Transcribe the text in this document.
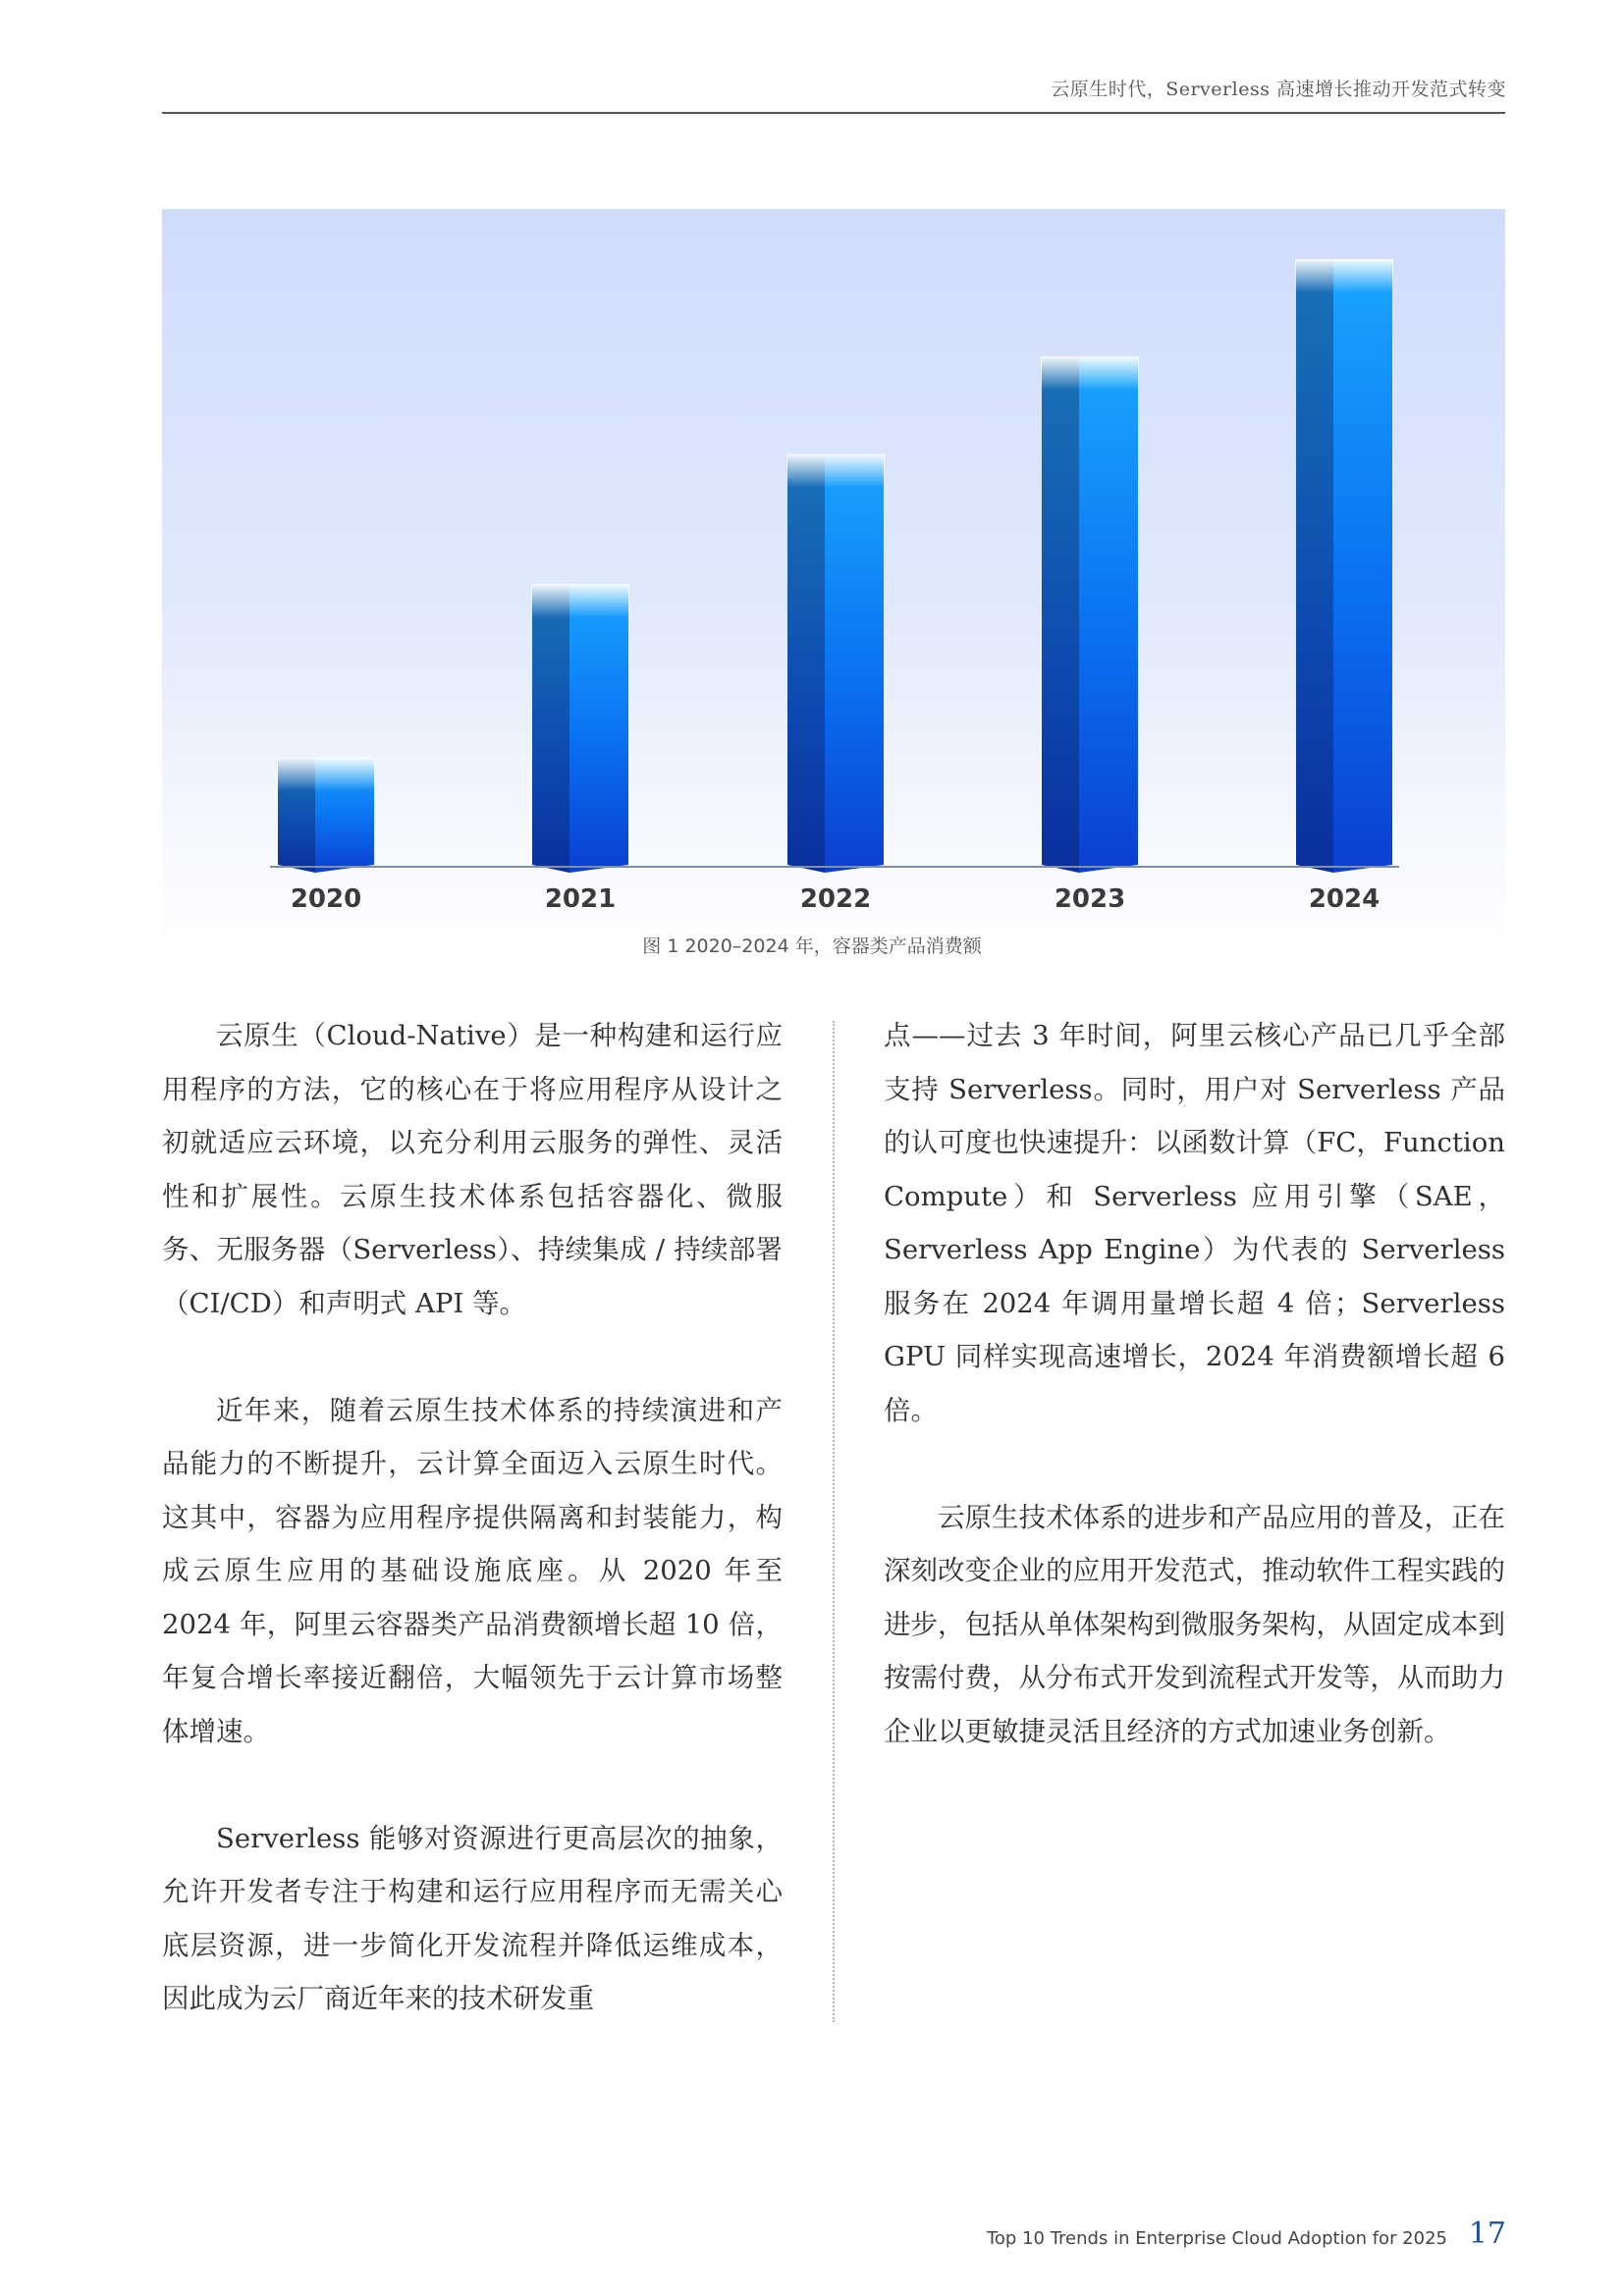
云原生时代，Serverless 高速增长推动开发范式转变
2020	2021	2022	2023	2024
图 1 2020–2024 年，容器类产品消费额

云原生（Cloud-Native）是一种构建和运行应用程序的方法，它的核心在于将应用程序从设计之初就适应云环境，以充分利用云服务的弹性、灵活性和扩展性。云原生技术体系包括容器化、微服务、无服务器（Serverless）、持续集成 / 持续部署（CI/CD）和声明式 API 等。

近年来，随着云原生技术体系的持续演进和产品能力的不断提升，云计算全面迈入云原生时代。这其中，容器为应用程序提供隔离和封装能力，构成云原生应用的基础设施底座。从 2020 年至 2024 年，阿里云容器类产品消费额增长超 10 倍，年复合增长率接近翻倍，大幅领先于云计算市场整体增速。

Serverless 能够对资源进行更高层次的抽象，允许开发者专注于构建和运行应用程序而无需关心底层资源，进一步简化开发流程并降低运维成本，因此成为云厂商近年来的技术研发重

点——过去 3 年时间，阿里云核心产品已几乎全部支持 Serverless。同时，用户对 Serverless 产品的认可度也快速提升：以函数计算（FC，Function Compute）和 Serverless 应用引擎（SAE，Serverless App Engine）为代表的 Serverless 服务在 2024 年调用量增长超 4 倍；Serverless GPU 同样实现高速增长，2024 年消费额增长超 6 倍。

云原生技术体系的进步和产品应用的普及，正在深刻改变企业的应用开发范式，推动软件工程实践的进步，包括从单体架构到微服务架构，从固定成本到按需付费，从分布式开发到流程式开发等，从而助力企业以更敏捷灵活且经济的方式加速业务创新。

Top 10 Trends in Enterprise Cloud Adoption for 2025 17
